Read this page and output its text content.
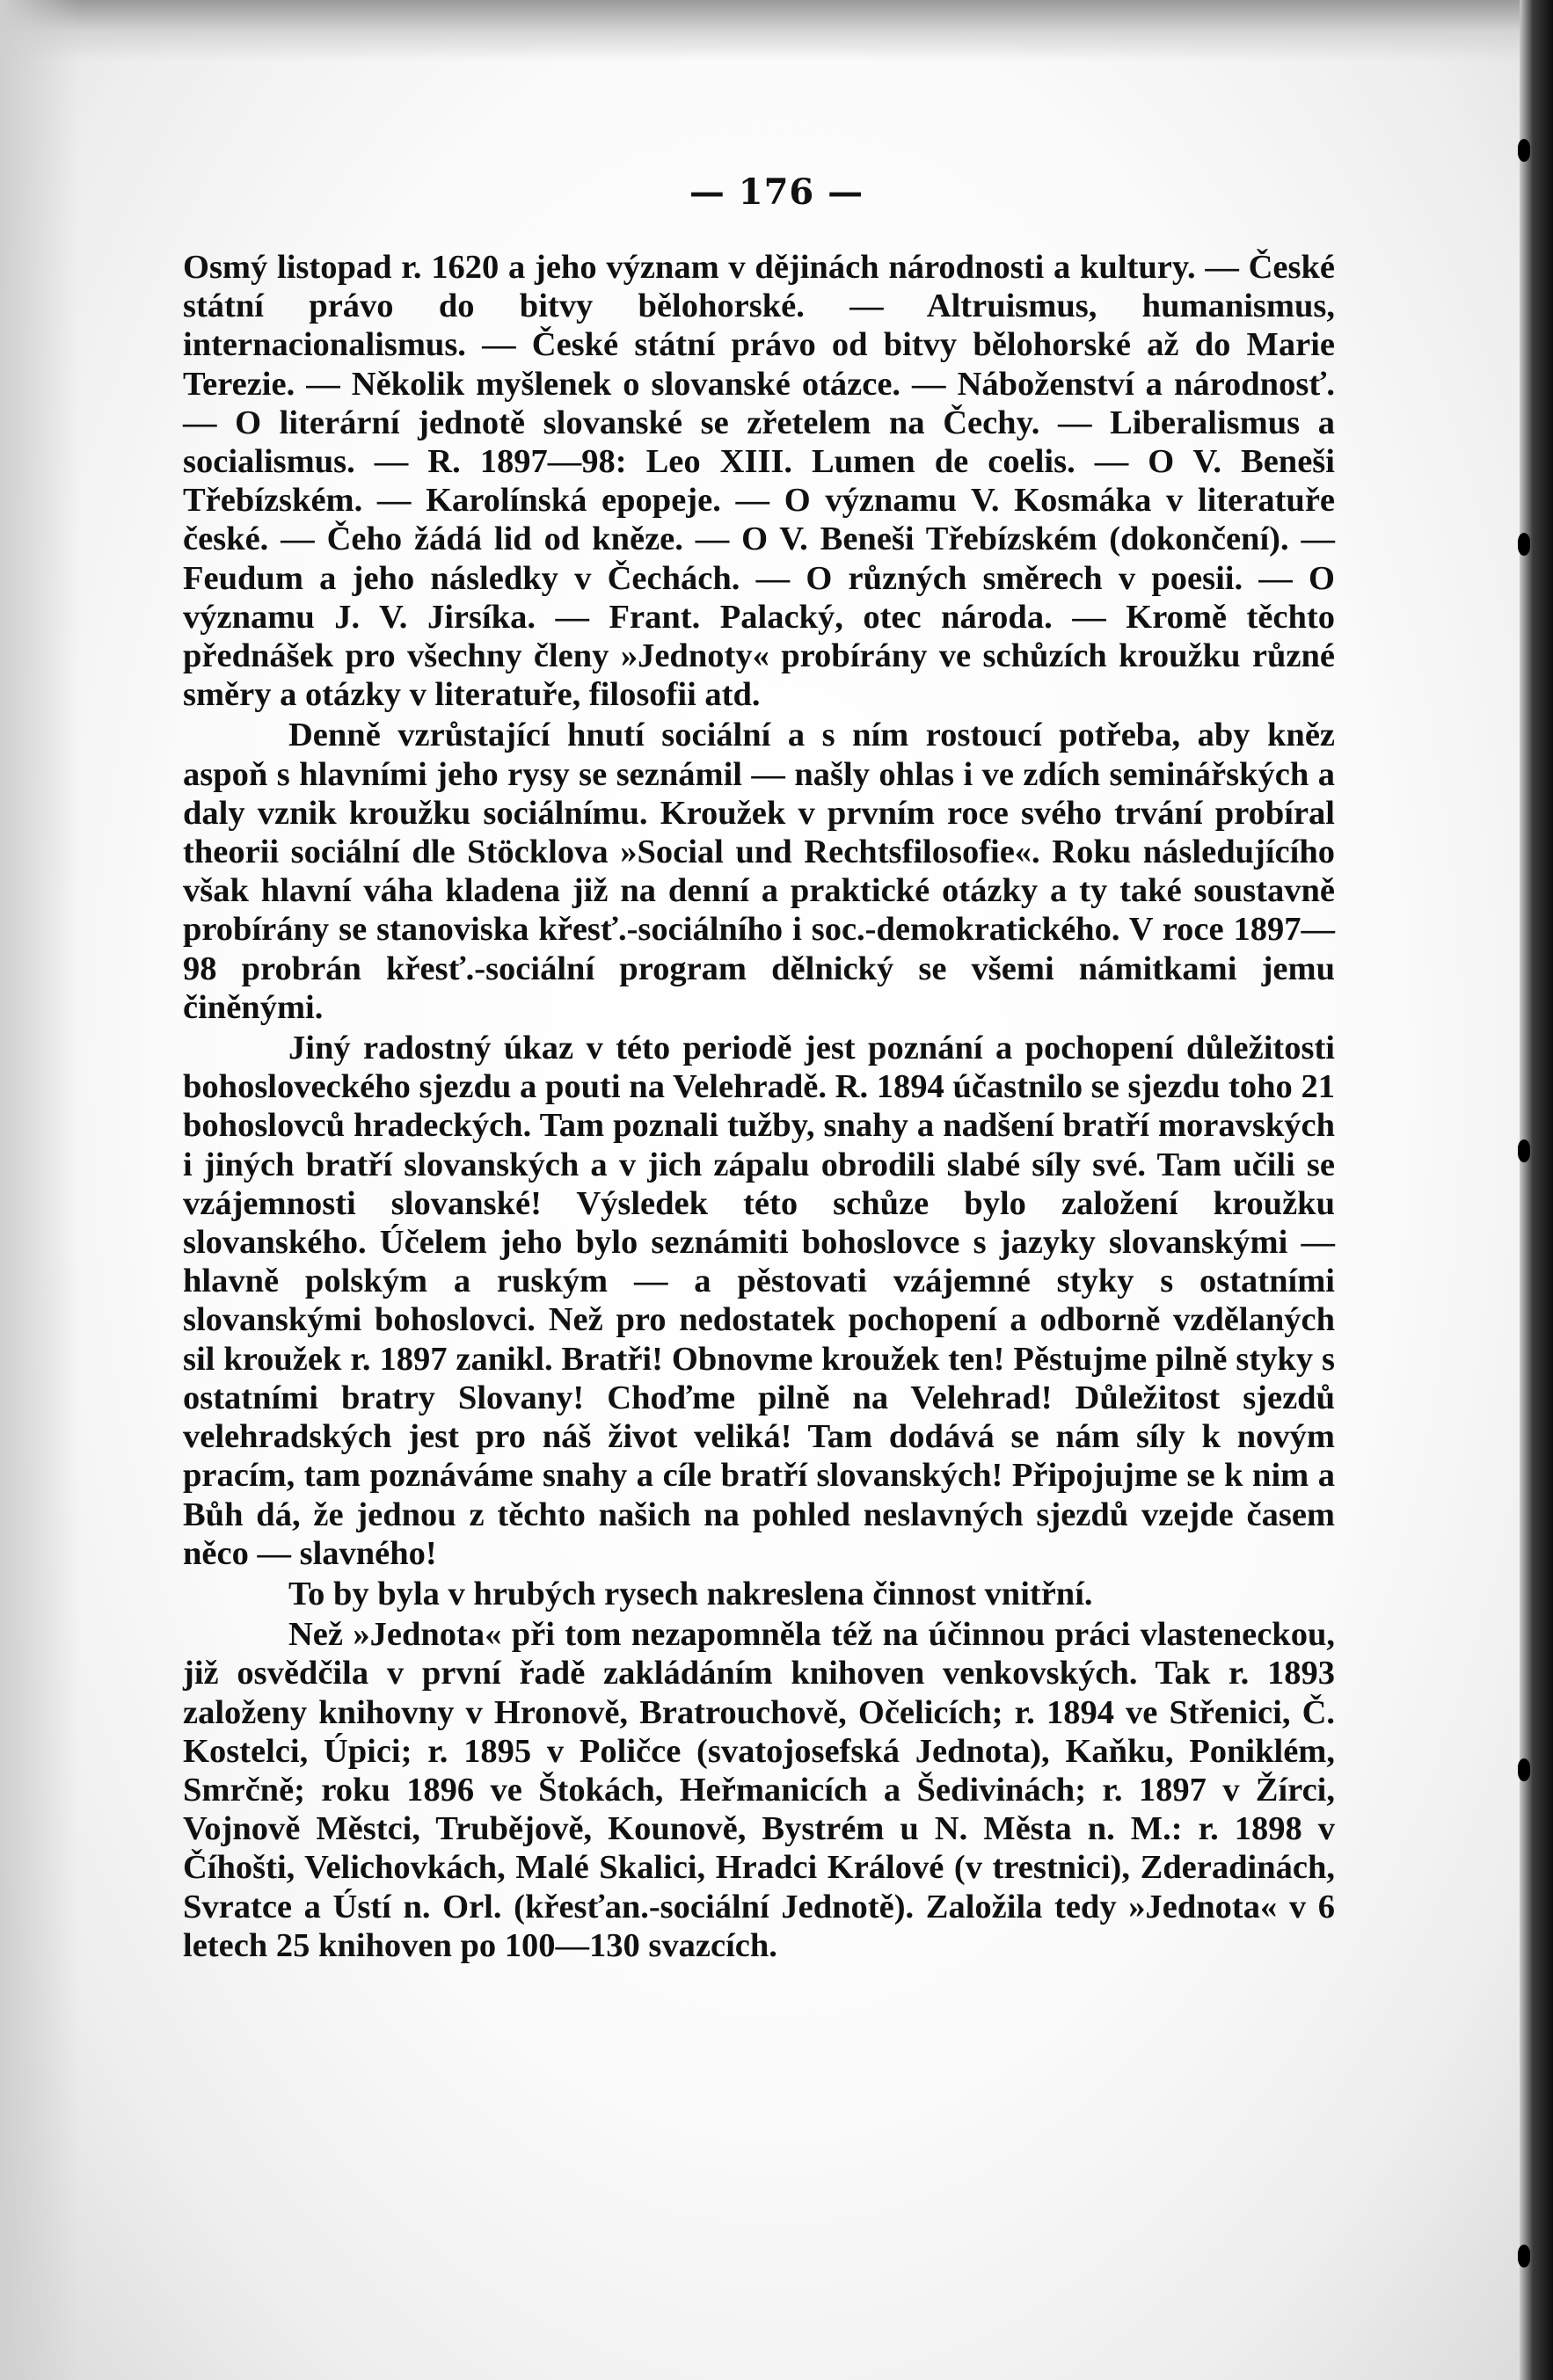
— 176 —

Osmý listopad r. 1620 a jeho význam v dějinách národnosti a kultury. — České státní právo do bitvy bělohorské. — Altruismus, humanismus, internacionalismus. — České státní právo od bitvy bělohorské až do Marie Terezie. — Několik myšlenek o slovanské otázce. — Náboženství a národnosť. — O literární jednotě slovanské se zřetelem na Čechy. — Liberalismus a socialismus. — R. 1897—98: Leo XIII. Lumen de coelis. — O V. Beneši Třebízském. — Karolínská epopeje. — O významu V. Kosmáka v literatuře české. — Čeho žádá lid od kněze. — O V. Beneši Třebízském (dokončení). — Feudum a jeho následky v Čechách. — O různých směrech v poesii. — O významu J. V. Jirsíka. — Frant. Palacký, otec národa. — Kromě těchto přednášek pro všechny členy »Jednoty« probírány ve schůzích kroužku různé směry a otázky v literatuře, filosofii atd.

Denně vzrůstající hnutí sociální a s ním rostoucí potřeba, aby kněz aspoň s hlavními jeho rysy se seznámil — našly ohlas i ve zdích seminářských a daly vznik kroužku sociálnímu. Kroužek v prvním roce svého trvání probíral theorii sociální dle Stöcklova »Social und Rechtsfilosofie«. Roku následujícího však hlavní váha kladena již na denní a praktické otázky a ty také soustavně probírány se stanoviska křesť.-sociálního i soc.-demokratického. V roce 1897—98 probrán křesť.-sociální program dělnický se všemi námitkami jemu činěnými.

Jiný radostný úkaz v této periodě jest poznání a pochopení důležitosti bohosloveckého sjezdu a pouti na Velehradě. R. 1894 účastnilo se sjezdu toho 21 bohoslovců hradeckých. Tam poznali tužby, snahy a nadšení bratří moravských i jiných bratří slovanských a v jich zápalu obrodili slabé síly své. Tam učili se vzájemnosti slovanské! Výsledek této schůze bylo založení kroužku slovanského. Účelem jeho bylo seznámiti bohoslovce s jazyky slovanskými — hlavně polským a ruským — a pěstovati vzájemné styky s ostatními slovanskými bohoslovci. Než pro nedostatek pochopení a odborně vzdělaných sil kroužek r. 1897 zanikl. Bratři! Obnovme kroužek ten! Pěstujme pilně styky s ostatními bratry Slovany! Choďme pilně na Velehrad! Důležitost sjezdů velehradských jest pro náš život veliká! Tam dodává se nám síly k novým pracím, tam poznáváme snahy a cíle bratří slovanských! Připojujme se k nim a Bůh dá, že jednou z těchto našich na pohled neslavných sjezdů vzejde časem něco — slavného!

To by byla v hrubých rysech nakreslena činnost vnitřní.

Než »Jednota« při tom nezapomněla též na účinnou práci vlasteneckou, již osvědčila v první řadě zakládáním knihoven venkovských. Tak r. 1893 založeny knihovny v Hronově, Bratrouchově, Očelicích; r. 1894 ve Střenici, Č. Kostelci, Úpici; r. 1895 v Poličce (svatojosefská Jednota), Kaňku, Poniklém, Smrčně; roku 1896 ve Štokách, Heřmanicích a Šedivinách; r. 1897 v Žírci, Vojnově Městci, Trubějově, Kounově, Bystrém u N. Města n. M.: r. 1898 v Číhošti, Velichovkách, Malé Skalici, Hradci Králové (v trestnici), Zderadinách, Svratce a Ústí n. Orl. (křesťan.-sociální Jednotě). Založila tedy »Jednota« v 6 letech 25 knihoven po 100—130 svazcích.
